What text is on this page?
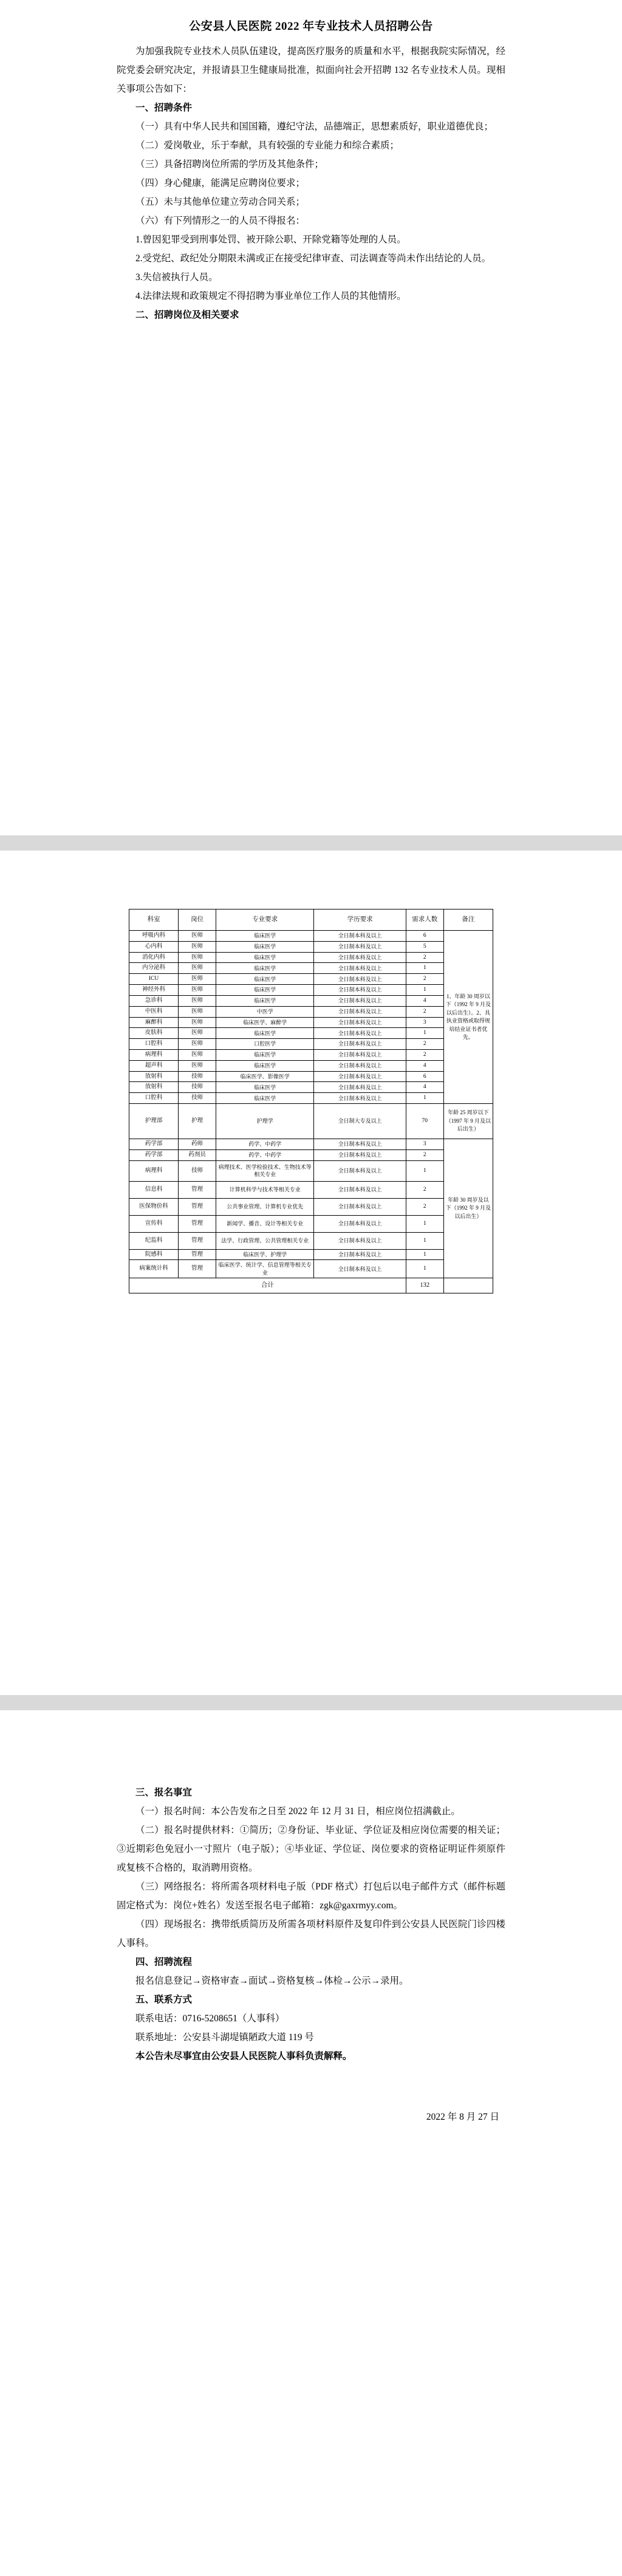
公安县人民医院 2022 年专业技术人员招聘公告

为加强我院专业技术人员队伍建设，提高医疗服务的质量和水平，根据我院实际情况，经院党委会研究决定，并报请县卫生健康局批准，拟面向社会开招聘 132 名专业技术人员。现相关事项公告如下：

一、招聘条件

（一）具有中华人民共和国国籍，遵纪守法，品德端正，思想素质好，职业道德优良；

（二）爱岗敬业，乐于奉献，具有较强的专业能力和综合素质；

（三）具备招聘岗位所需的学历及其他条件；

（四）身心健康，能满足应聘岗位要求；

（五）未与其他单位建立劳动合同关系；

（六）有下列情形之一的人员不得报名：

1.曾因犯罪受到刑事处罚、被开除公职、开除党籍等处理的人员。

2.受党纪、政纪处分期限未满或正在接受纪律审查、司法调查等尚未作出结论的人员。

3.失信被执行人员。

4.法律法规和政策规定不得招聘为事业单位工作人员的其他情形。

二、招聘岗位及相关要求

科室	岗位	专业要求	学历要求	需求人数	备注
呼吸内科	医师	临床医学	全日制本科及以上	6	1、年龄 30 周岁以下（1992 年 9 月及以后出生）。2、具执业资格或取得规培结业证书者优先。
心内科	医师	临床医学	全日制本科及以上	5	
消化内科	医师	临床医学	全日制本科及以上	2	
内分泌科	医师	临床医学	全日制本科及以上	1	
ICU	医师	临床医学	全日制本科及以上	2	
神经外科	医师	临床医学	全日制本科及以上	1	
急诊科	医师	临床医学	全日制本科及以上	4	
中医科	医师	中医学	全日制本科及以上	2	
麻醉科	医师	临床医学、麻醉学	全日制本科及以上	3	
皮肤科	医师	临床医学	全日制本科及以上	1	
口腔科	医师	口腔医学	全日制本科及以上	2	
病理科	医师	临床医学	全日制本科及以上	2	
超声科	医师	临床医学	全日制本科及以上	4	
放射科	技师	临床医学、影像医学	全日制本科及以上	6	
放射科	技师	临床医学	全日制本科及以上	4	
口腔科	技师	临床医学	全日制本科及以上	1	
护理部	护理	护理学	全日制大专及以上	70	年龄 25 周岁以下（1997 年 9 月及以后出生）
药学部	药师	药学、中药学	全日制本科及以上	3	年龄 30 周岁及以下（1992 年 9 月及以后出生）
药学部	药剂员	药学、中药学	全日制本科及以上	2	
病理科	技师	病理技术、医学检验技术、生物技术等相关专业	全日制本科及以上	1	
信息科	管理	计算机科学与技术等相关专业	全日制本科及以上	2	
医保物价科	管理	公共事业管理、计算机专业优先	全日制本科及以上	2	
宣传科	管理	新闻学、播音、设计等相关专业	全日制本科及以上	1	
纪监科	管理	法学、行政管理、公共管理相关专业	全日制本科及以上	1	
院感科	管理	临床医学、护理学	全日制本科及以上	1	
病案统计科	管理	临床医学、统计学、信息管理等相关专业	全日制本科及以上	1	
合计				132	

三、报名事宜

（一）报名时间：本公告发布之日至 2022 年 12 月 31 日，相应岗位招满截止。

（二）报名时提供材料：①简历；②身份证、毕业证、学位证及相应岗位需要的相关证；③近期彩色免冠小一寸照片（电子版）；④毕业证、学位证、岗位要求的资格证明证件须原件或复核不合格的，取消聘用资格。

（三）网络报名：将所需各项材料电子版（PDF 格式）打包后以电子邮件方式（邮件标题固定格式为：岗位+姓名）发送至报名电子邮箱：zgk@gaxrmyy.com。

（四）现场报名：携带纸质简历及所需各项材料原件及复印件到公安县人民医院门诊四楼人事科。

四、招聘流程

报名信息登记→资格审查→面试→资格复核→体检→公示→录用。

五、联系方式

联系电话：0716-5208651（人事科）

联系地址：公安县斗湖堤镇陋政大道 119 号

本公告未尽事宜由公安县人民医院人事科负责解释。

2022 年 8 月 27 日
